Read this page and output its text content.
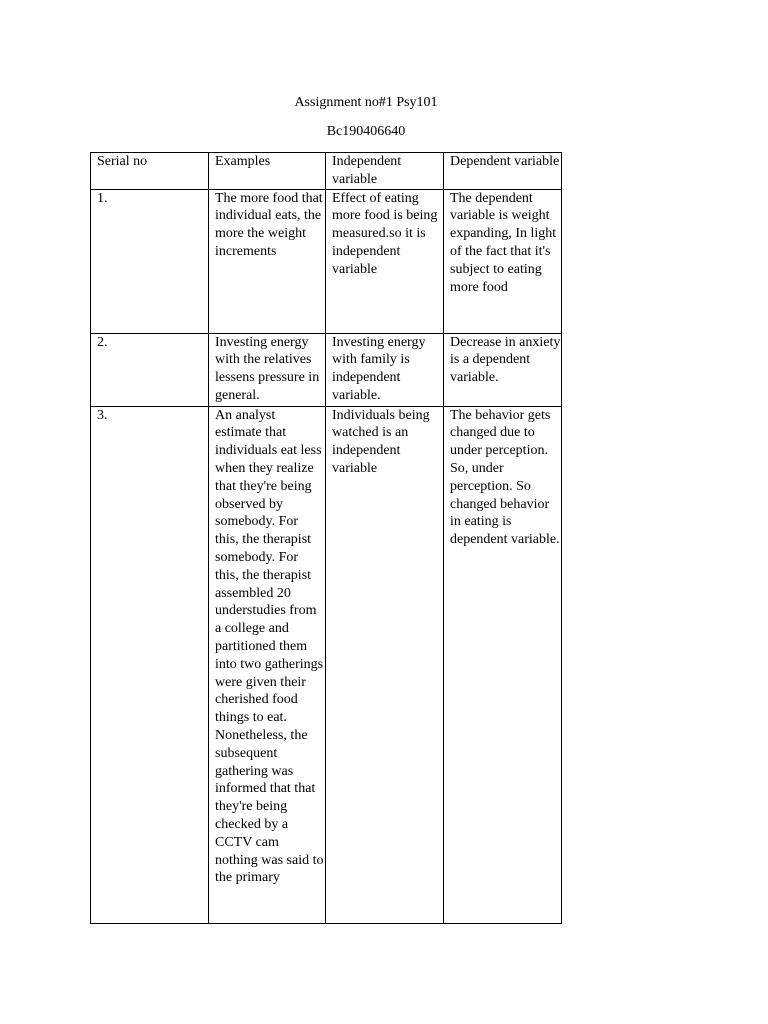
Assignment no#1 Psy101
Bc190406640
Serial no	Examples	Independent variable	Dependent variable

1.	The more food that individual eats, the more the weight increments	Effect of eating more food is being measured.so it is independent variable	The dependent variable is weight expanding, In light of the fact that it's subject to eating more food

2.	Investing energy with the relatives lessens pressure in general.	Investing energy with family is independent variable.	Decrease in anxiety is a dependent variable.

3.	An analyst estimate that individuals eat less when they realize that they're being observed by somebody. For this, the therapist somebody. For this, the therapist assembled 20 understudies from a college and partitioned them into two gatherings were given their cherished food things to eat. Nonetheless, the subsequent gathering was informed that that they're being checked by a CCTV cam nothing was said to the primary	Individuals being watched is an independent variable	The behavior gets changed due to under perception. So, under perception. So changed behavior in eating is dependent variable.
